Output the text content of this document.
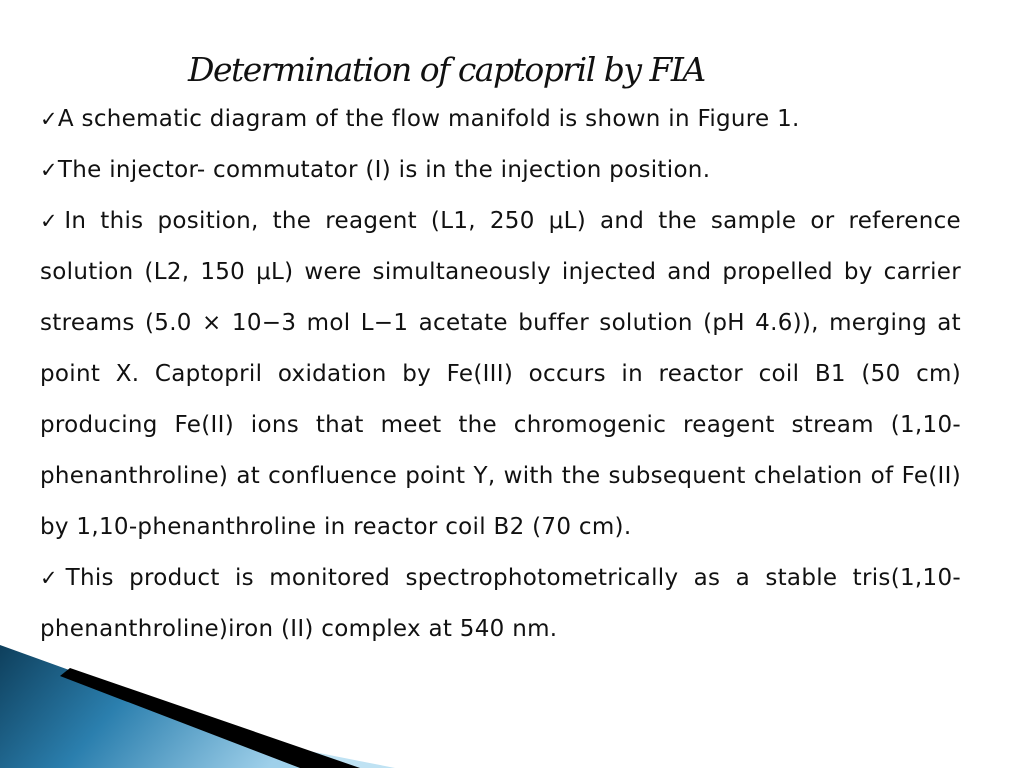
Determination of captopril by FIA

✓A schematic diagram of the flow manifold is shown in Figure 1.

✓The injector- commutator (I) is in the injection position.

✓In this position, the reagent (L1, 250 μL) and the sample or reference solution (L2, 150 μL) were simultaneously injected and propelled by carrier streams (5.0 × 10−3 mol L−1 acetate buffer solution (pH 4.6)), merging at point X. Captopril oxidation by Fe(III) occurs in reactor coil B1 (50 cm) producing Fe(II) ions that meet the chromogenic reagent stream (1,10-phenanthroline) at confluence point Y, with the subsequent chelation of Fe(II) by 1,10-phenanthroline in reactor coil B2 (70 cm).

✓This product is monitored spectrophotometrically as a stable tris(1,10-phenanthroline)iron (II) complex at 540 nm.
